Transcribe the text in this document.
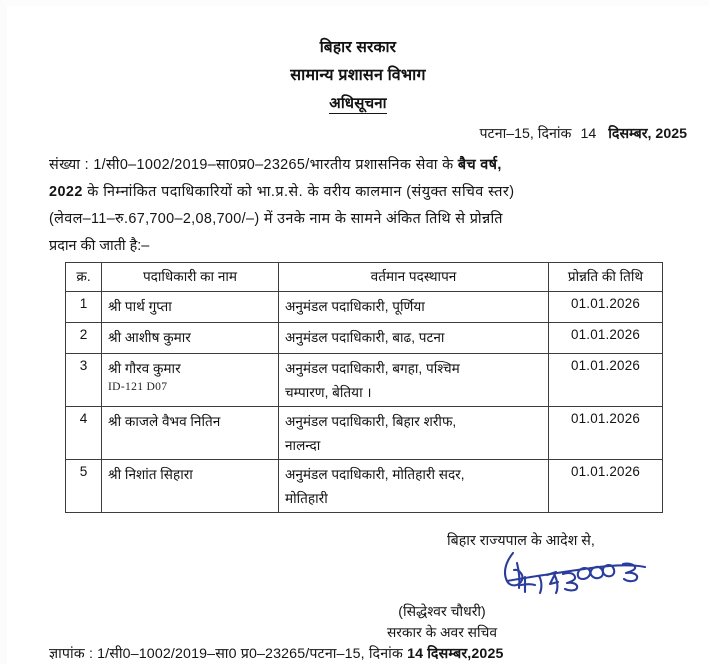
बिहार सरकार
सामान्य प्रशासन विभाग
अधिसूचना
पटना–15, दिनांक 14 दिसम्बर, 2025
संख्या : 1/सी0–1002/2019–सा0प्र0–23265/भारतीय प्रशासनिक सेवा के बैच वर्ष,
2022 के निम्नांकित पदाधिकारियों को भा.प्र.से. के वरीय कालमान (संयुक्त सचिव स्तर)
(लेवल–11–रु.67,700–2,08,700/–) में उनके नाम के सामने अंकित तिथि से प्रोन्नति
प्रदान की जाती है:–
क्र.	पदाधिकारी का नाम	वर्तमान पदस्थापन	प्रोन्नति की तिथि
1	श्री पार्थ गुप्ता	अनुमंडल पदाधिकारी, पूर्णिया	01.01.2026
2	श्री आशीष कुमार	अनुमंडल पदाधिकारी, बाढ, पटना	01.01.2026
3	श्री गौरव कुमार
ID-121 D07	अनुमंडल पदाधिकारी, बगहा, पश्चिम
चम्पारण, बेतिया ।	01.01.2026
4	श्री काजले वैभव नितिन	अनुमंडल पदाधिकारी, बिहार शरीफ,
नालन्दा	01.01.2026
5	श्री निशांत सिहारा	अनुमंडल पदाधिकारी, मोतिहारी सदर,
मोतिहारी	01.01.2026
बिहार राज्यपाल के आदेश से,
(सिद्धेश्वर चौधरी)
सरकार के अवर सचिव
ज्ञापांक : 1/सी0–1002/2019–सा0 प्र0–23265/पटना–15, दिनांक 14 दिसम्बर,2025
